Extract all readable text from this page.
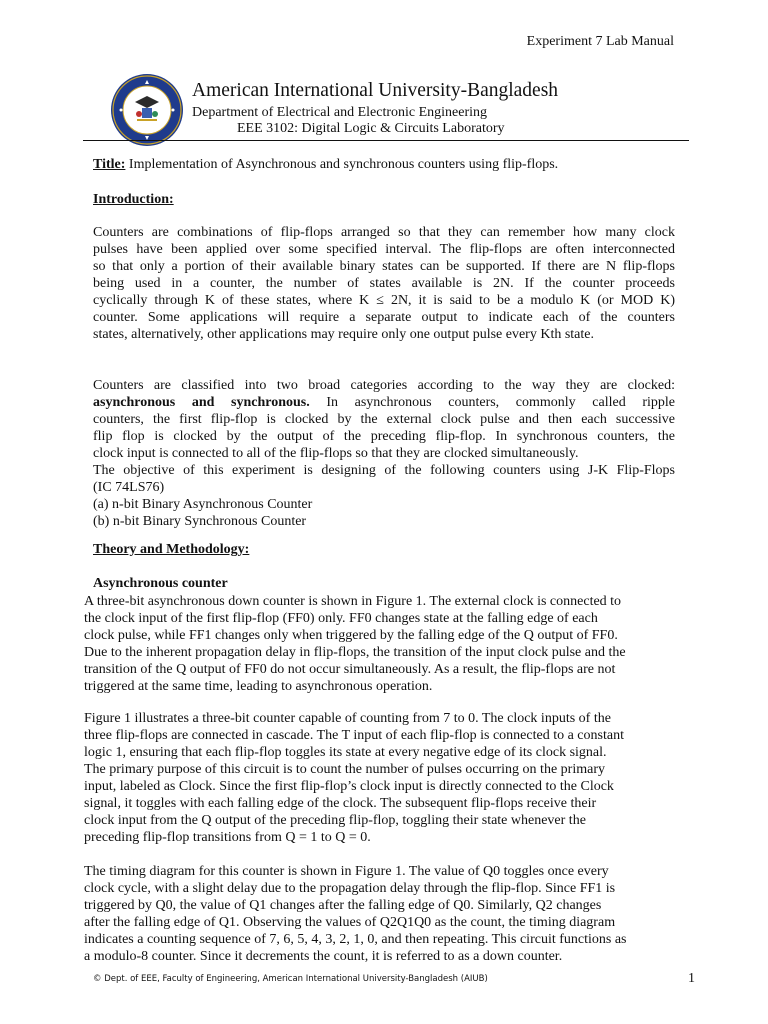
Experiment 7 Lab Manual
American International University-Bangladesh
Department of Electrical and Electronic Engineering
EEE 3102: Digital Logic & Circuits Laboratory
Title: Implementation of Asynchronous and synchronous counters using flip-flops.
Introduction:
Counters are combinations of flip-flops arranged so that they can remember how many clock
pulses have been applied over some specified interval. The flip-flops are often interconnected
so that only a portion of their available binary states can be supported. If there are N flip-flops
being used in a counter, the number of states available is 2N. If the counter proceeds
cyclically through K of these states, where K ≤ 2N, it is said to be a modulo K (or MOD K)
counter. Some applications will require a separate output to indicate each of the counters
states, alternatively, other applications may require only one output pulse every Kth state.
Counters are classified into two broad categories according to the way they are clocked:
asynchronous and synchronous. In asynchronous counters, commonly called ripple
counters, the first flip-flop is clocked by the external clock pulse and then each successive
flip flop is clocked by the output of the preceding flip-flop. In synchronous counters, the
clock input is connected to all of the flip-flops so that they are clocked simultaneously.
The objective of this experiment is designing of the following counters using J-K Flip-Flops
(IC 74LS76)
(a) n-bit Binary Asynchronous Counter
(b) n-bit Binary Synchronous Counter
Theory and Methodology:
Asynchronous counter
A three-bit asynchronous down counter is shown in Figure 1. The external clock is connected to
the clock input of the first flip-flop (FF0) only. FF0 changes state at the falling edge of each
clock pulse, while FF1 changes only when triggered by the falling edge of the Q output of FF0.
Due to the inherent propagation delay in flip-flops, the transition of the input clock pulse and the
transition of the Q output of FF0 do not occur simultaneously. As a result, the flip-flops are not
triggered at the same time, leading to asynchronous operation.
Figure 1 illustrates a three-bit counter capable of counting from 7 to 0. The clock inputs of the
three flip-flops are connected in cascade. The T input of each flip-flop is connected to a constant
logic 1, ensuring that each flip-flop toggles its state at every negative edge of its clock signal.
The primary purpose of this circuit is to count the number of pulses occurring on the primary
input, labeled as Clock. Since the first flip-flop’s clock input is directly connected to the Clock
signal, it toggles with each falling edge of the clock. The subsequent flip-flops receive their
clock input from the Q output of the preceding flip-flop, toggling their state whenever the
preceding flip-flop transitions from Q = 1 to Q = 0.
The timing diagram for this counter is shown in Figure 1. The value of Q0 toggles once every
clock cycle, with a slight delay due to the propagation delay through the flip-flop. Since FF1 is
triggered by Q0, the value of Q1 changes after the falling edge of Q0. Similarly, Q2 changes
after the falling edge of Q1. Observing the values of Q2Q1Q0 as the count, the timing diagram
indicates a counting sequence of 7, 6, 5, 4, 3, 2, 1, 0, and then repeating. This circuit functions as
a modulo-8 counter. Since it decrements the count, it is referred to as a down counter.
© Dept. of EEE, Faculty of Engineering, American International University-Bangladesh (AIUB)	1
